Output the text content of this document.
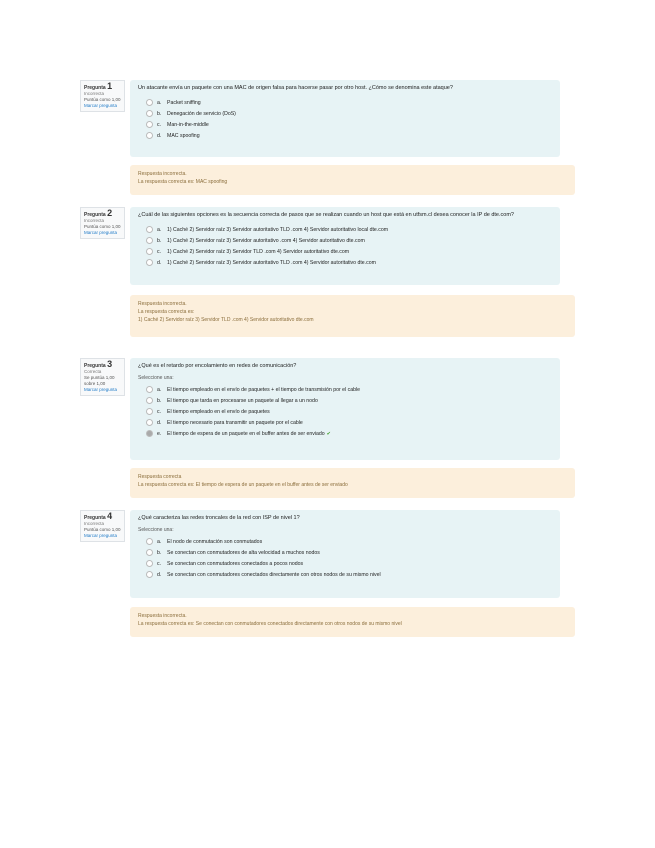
Pregunta 1
Incorrecta
Puntúa como 1,00
Marcar pregunta
Un atacante envía un paquete con una MAC de origen falsa para hacerse pasar por otro host. ¿Cómo se denomina este ataque?
a.	Packet sniffing
b.	Denegación de servicio (DoS)
c.	Man-in-the-middle
d.	MAC spoofing
Respuesta incorrecta.
La respuesta correcta es: MAC spoofing
Pregunta 2
Incorrecta
Puntúa como 1,00
Marcar pregunta
¿Cuál de las siguientes opciones es la secuencia correcta de pasos que se realizan cuando un host que está en utfsm.cl desea conocer la IP de dte.com?
a.	1) Caché 2) Servidor raíz 3) Servidor autoritativo TLD .com 4) Servidor autoritativo local dte.com
b.	1) Caché 2) Servidor raíz 3) Servidor autoritativo .com 4) Servidor autoritativo dte.com
c.	1) Caché 2) Servidor raíz 3) Servidor TLD .com 4) Servidor autoritativo dte.com
d.	1) Caché 2) Servidor raíz 3) Servidor autoritativo TLD .com 4) Servidor autoritativo dte.com
Respuesta incorrecta.
La respuesta correcta es:
1) Caché 2) Servidor raíz 3) Servidor TLD .com 4) Servidor autoritativo dte.com
Pregunta 3
Correcta
Se puntúa 1,00 sobre 1,00
Marcar pregunta
¿Qué es el retardo por encolamiento en redes de comunicación?
Seleccione una:
a.	El tiempo empleado en el envío de paquetes + el tiempo de transmisión por el cable
b.	El tiempo que tarda en procesarse un paquete al llegar a un nodo
c.	El tiempo empleado en el envío de paquetes
d.	El tiempo necesario para transmitir un paquete por el cable
e.	El tiempo de espera de un paquete en el buffer antes de ser enviado ✔
Respuesta correcta
La respuesta correcta es: El tiempo de espera de un paquete en el buffer antes de ser enviado
Pregunta 4
Incorrecta
Puntúa como 1,00
Marcar pregunta
¿Qué caracteriza las redes troncales de la red con ISP de nivel 1?
Seleccione una:
a.	El nodo de conmutación son conmutados
b.	Se conectan con conmutadores de alta velocidad a muchos nodos
c.	Se conectan con conmutadores conectados a pocos nodos
d.	Se conectan con conmutadores conectados directamente con otros nodos de su mismo nivel
Respuesta incorrecta.
La respuesta correcta es: Se conectan con conmutadores conectados directamente con otros nodos de su mismo nivel
